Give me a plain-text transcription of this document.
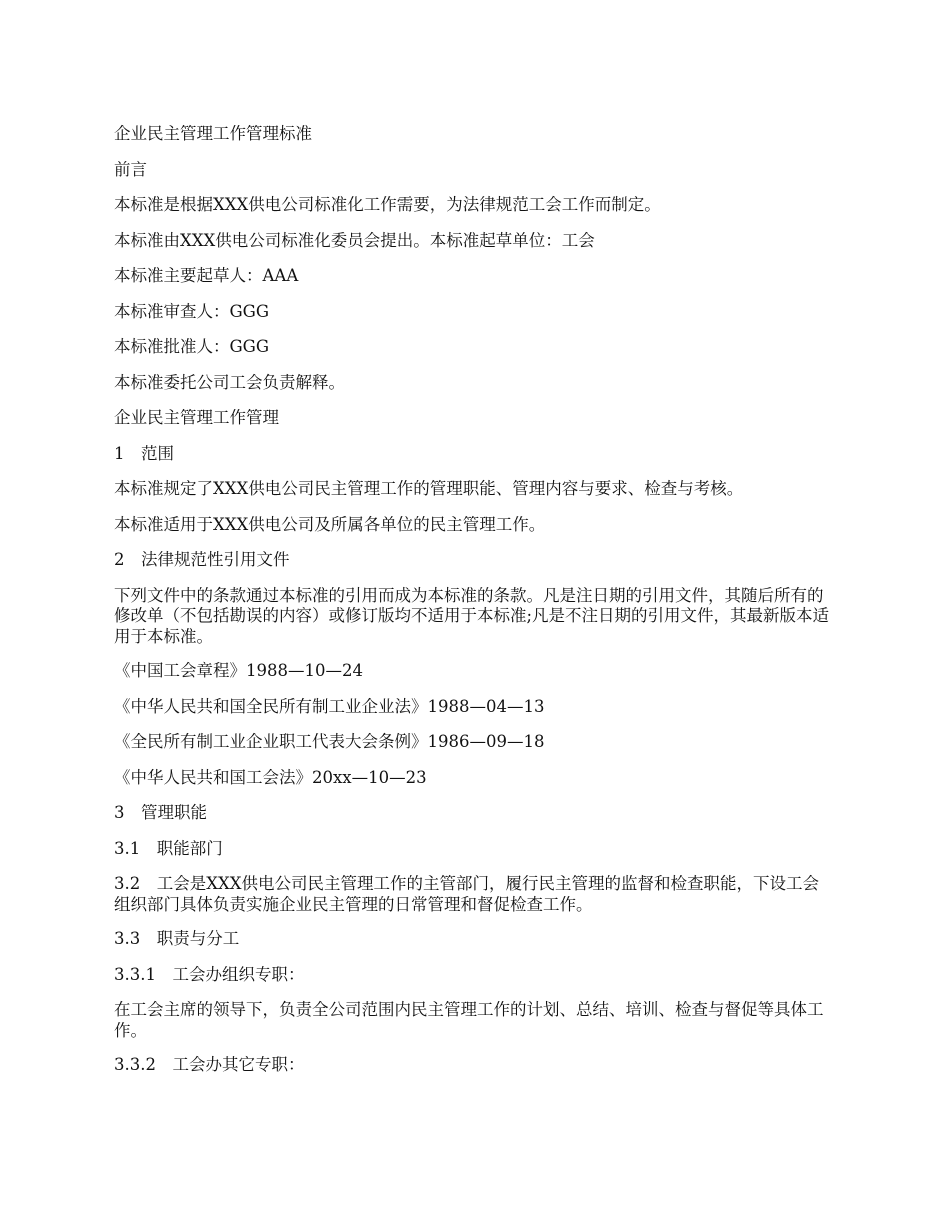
企业民主管理工作管理标准

前言

本标准是根据XXX供电公司标准化工作需要，为法律规范工会工作而制定。

本标准由XXX供电公司标准化委员会提出。本标准起草单位：工会

本标准主要起草人：AAA

本标准审查人：GGG

本标准批准人：GGG

本标准委托公司工会负责解释。

企业民主管理工作管理

1　范围

本标准规定了XXX供电公司民主管理工作的管理职能、管理内容与要求、检查与考核。

本标准适用于XXX供电公司及所属各单位的民主管理工作。

2　法律规范性引用文件

下列文件中的条款通过本标准的引用而成为本标准的条款。凡是注日期的引用文件，其随后所有的修改单（不包括勘误的内容）或修订版均不适用于本标准;凡是不注日期的引用文件，其最新版本适用于本标准。

《中国工会章程》1988—10—24

《中华人民共和国全民所有制工业企业法》1988—04—13

《全民所有制工业企业职工代表大会条例》1986—09—18

《中华人民共和国工会法》20xx—10—23

3　管理职能

3.1　职能部门

3.2　工会是XXX供电公司民主管理工作的主管部门，履行民主管理的监督和检查职能，下设工会组织部门具体负责实施企业民主管理的日常管理和督促检查工作。

3.3　职责与分工

3.3.1　工会办组织专职：

在工会主席的领导下，负责全公司范围内民主管理工作的计划、总结、培训、检查与督促等具体工作。

3.3.2　工会办其它专职：
